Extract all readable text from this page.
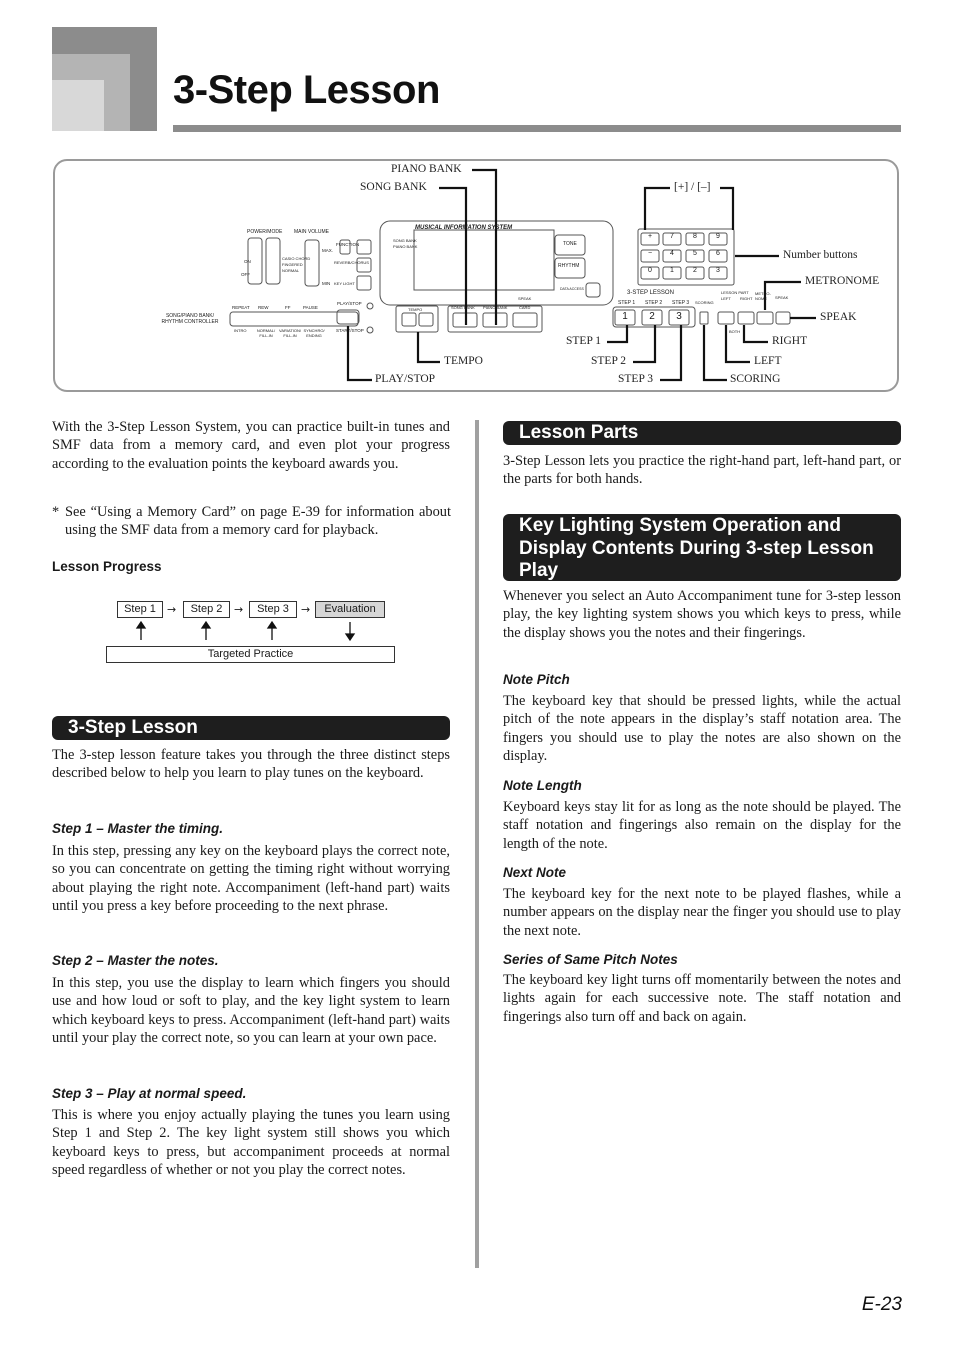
3-Step Lesson
POWER/MODE MAIN VOLUME
FUNCTION
ON
OFF
MAX.
MIN
CASIO CHORD
FINGERED
NORMAL
REVERB/CHORUS
KEY LIGHT
MUSICAL INFORMATION SYSTEM
SONG BANK
PIANO BANK	TONE
RHYTHM
DATA ACCESS
SONG/PIANO BANK/ RHYTHM CONTROLLER
REPEAT REW	FF	PAUSE
PLAY/STOP
INTRO	NORMAL/ FILL-IN
VARIATION/ FILL-IN
SYNCHRO/ ENDING
START/STOP
TEMPO	SONG BANK PIANO BANK	CARD
SPEAK
3-STEP LESSON
STEP 1 STEP 2 STEP 3 SCORING
LESSON PART
LEFT RIGHT
METRO-NOME	SPEAK
BOTH
+	7	8	9
−	4	5	6
0	1	2	3
1	2	3
PIANO BANK
SONG BANK	[+] / [–]
Number buttons
METRONOME
SPEAK
RIGHT
LEFT
SCORING
STEP 1
STEP 2
STEP 3
TEMPO
PLAY/STOP
With the 3-Step Lesson System, you can practice built-in tunes and SMF data from a memory card, and even plot your progress according to the evaluation points the keyboard awards you.
* See “Using a Memory Card” on page E-39 for information about using the SMF data from a memory card for playback.
Lesson Progress
Step 1	→	Step 2	→	Step 3	→	Evaluation
Targeted Practice
3-Step Lesson
The 3-step lesson feature takes you through the three distinct steps described below to help you learn to play tunes on the keyboard.
Step 1 – Master the timing.
In this step, pressing any key on the keyboard plays the correct note, so you can concentrate on getting the timing right without worrying about playing the right note. Accompaniment (left-hand part) waits until you press a key before proceeding to the next phrase.
Step 2 – Master the notes.
In this step, you use the display to learn which fingers you should use and how loud or soft to play, and the key light system to learn which keyboard keys to press. Accompaniment (left-hand part) waits until your play the correct note, so you can learn at your own pace.
Step 3 – Play at normal speed.
This is where you enjoy actually playing the tunes you learn using Step 1 and Step 2. The key light system still shows you which keyboard keys to press, but accompaniment proceeds at normal speed regardless of whether or not you play the correct notes.
Lesson Parts
3-Step Lesson lets you practice the right-hand part, left-hand part, or the parts for both hands.
Key Lighting System Operation and Display Contents During 3-step Lesson Play
Whenever you select an Auto Accompaniment tune for 3-step lesson play, the key lighting system shows you which keys to press, while the display shows you the notes and their fingerings.
Note Pitch
The keyboard key that should be pressed lights, while the actual pitch of the note appears in the display’s staff notation area. The fingers you should use to play the notes are also shown on the display.
Note Length
Keyboard keys stay lit for as long as the note should be played. The staff notation and fingerings also remain on the display for the length of the note.
Next Note
The keyboard key for the next note to be played flashes, while a number appears on the display near the finger you should use to play the next note.
Series of Same Pitch Notes
The keyboard key light turns off momentarily between the notes and lights again for each successive note. The staff notation and fingerings also turn off and back on again.
E-23
